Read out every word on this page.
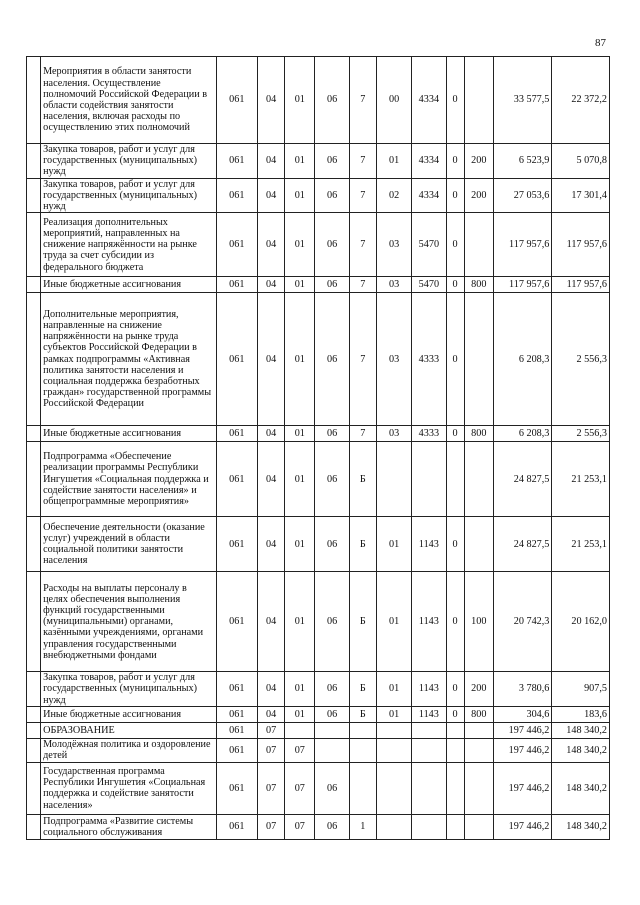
87
	Мероприятия в области занятости населения. Осуществление полномочий Российской Федерации в области содействия занятости населения, включая расходы по осуществлению этих полномочий	061	04	01	06	7	00	4334	0		33 577,5	22 372,2
	Закупка товаров, работ и услуг для государственных (муниципальных) нужд	061	04	01	06	7	01	4334	0	200	6 523,9	5 070,8
	Закупка товаров, работ и услуг для государственных (муниципальных) нужд	061	04	01	06	7	02	4334	0	200	27 053,6	17 301,4
	Реализация дополнительных мероприятий, направленных на снижение напряжённости на рынке труда за счет субсидии из федерального бюджета	061	04	01	06	7	03	5470	0		117 957,6	117 957,6
	Иные бюджетные ассигнования	061	04	01	06	7	03	5470	0	800	117 957,6	117 957,6
	Дополнительные мероприятия, направленные на снижение напряжённости на рынке труда субъектов Российской Федерации в рамках подпрограммы «Активная политика занятости населения и социальная поддержка безработных граждан» государственной программы Российской Федерации	061	04	01	06	7	03	4333	0		6 208,3	2 556,3
	Иные бюджетные ассигнования	061	04	01	06	7	03	4333	0	800	6 208,3	2 556,3
	Подпрограмма «Обеспечение реализации программы Республики Ингушетия «Социальная поддержка и содействие занятости населения» и общепрограммные мероприятия»	061	04	01	06	Б					24 827,5	21 253,1
	Обеспечение деятельности (оказание услуг) учреждений в области социальной политики занятости населения	061	04	01	06	Б	01	1143	0		24 827,5	21 253,1
	Расходы на выплаты персоналу в целях обеспечения выполнения функций государственными (муниципальными) органами, казёнными учреждениями, органами управления государственными внебюджетными фондами	061	04	01	06	Б	01	1143	0	100	20 742,3	20 162,0
	Закупка товаров, работ и услуг для государственных (муниципальных) нужд	061	04	01	06	Б	01	1143	0	200	3 780,6	907,5
	Иные бюджетные ассигнования	061	04	01	06	Б	01	1143	0	800	304,6	183,6
	ОБРАЗОВАНИЕ	061	07								197 446,2	148 340,2
	Молодёжная политика и оздоровление детей	061	07	07							197 446,2	148 340,2
	Государственная программа Республики Ингушетия «Социальная поддержка и содействие занятости населения»	061	07	07	06						197 446,2	148 340,2
	Подпрограмма «Развитие системы социального обслуживания	061	07	07	06	1					197 446,2	148 340,2
